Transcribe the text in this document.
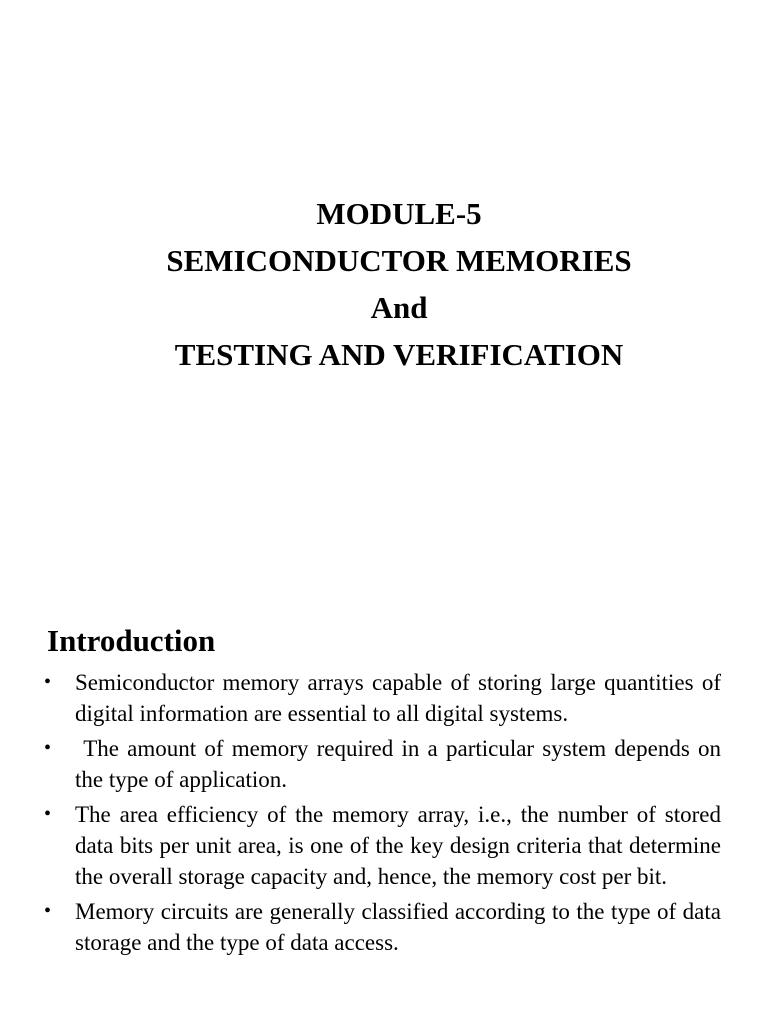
MODULE-5
SEMICONDUCTOR MEMORIES
And
TESTING AND VERIFICATION
Introduction
• Semiconductor memory arrays capable of storing large quantities of digital information are essential to all digital systems.
• The amount of memory required in a particular system depends on the type of application.
• The area efficiency of the memory array, i.e., the number of stored data bits per unit area, is one of the key design criteria that determine the overall storage capacity and, hence, the memory cost per bit.
• Memory circuits are generally classified according to the type of data storage and the type of data access.
